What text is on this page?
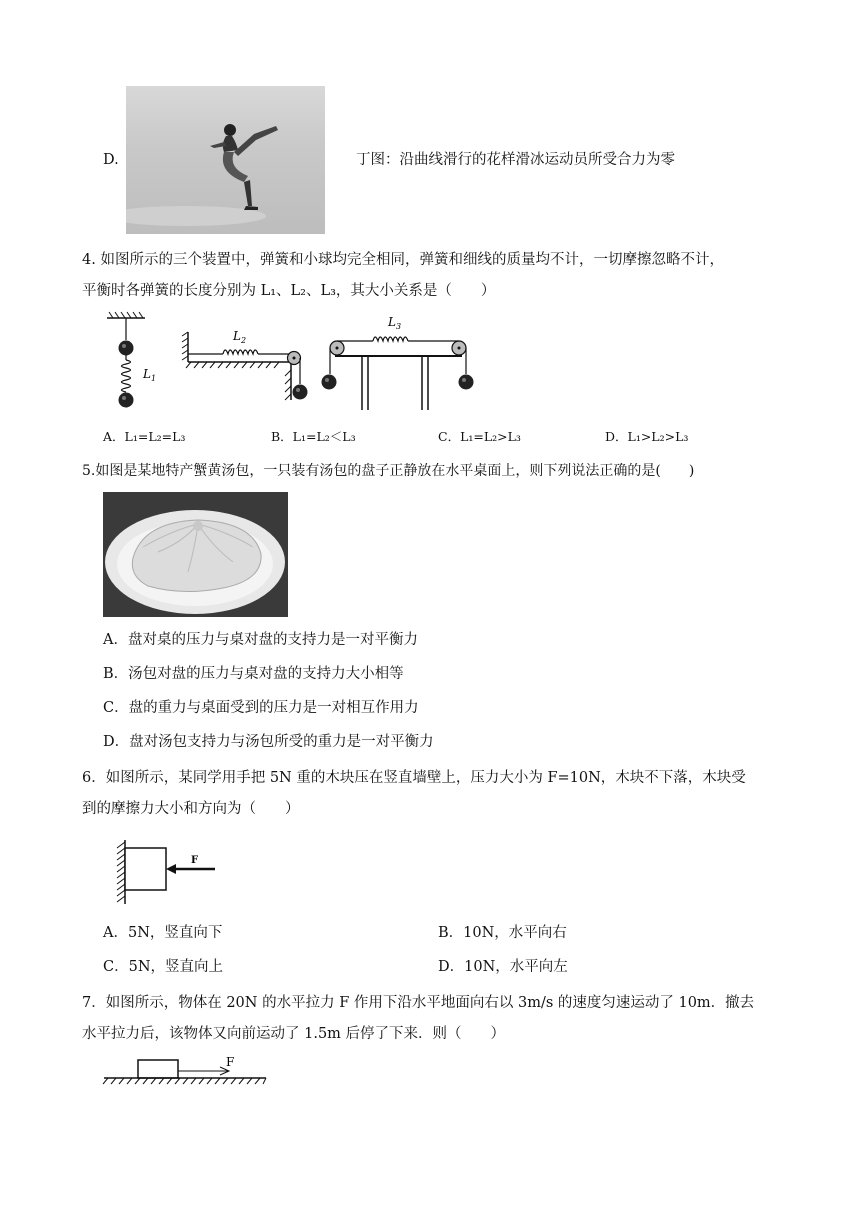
D.	丁图：沿曲线滑行的花样滑冰运动员所受合力为零
4. 如图所示的三个装置中，弹簧和小球均完全相同，弹簧和细线的质量均不计，一切摩擦忽略不计，
平衡时各弹簧的长度分别为 L₁、L₂、L₃，其大小关系是（　　）
$L_1$
$L_2$
$L_3$
A．L₁=L₂=L₃	B．L₁=L₂＜L₃	C．L₁=L₂>L₃	D．L₁>L₂>L₃
5.如图是某地特产蟹黄汤包，一只装有汤包的盘子正静放在水平桌面上，则下列说法正确的是(　　)
A．盘对桌的压力与桌对盘的支持力是一对平衡力
B．汤包对盘的压力与桌对盘的支持力大小相等
C．盘的重力与桌面受到的压力是一对相互作用力
D．盘对汤包支持力与汤包所受的重力是一对平衡力
6．如图所示，某同学用手把 5N 重的木块压在竖直墙壁上，压力大小为 F=10N，木块不下落，木块受
到的摩擦力大小和方向为（　　）
F
A．5N，竖直向下	B．10N，水平向右
C．5N，竖直向上	D．10N，水平向左
7．如图所示，物体在 20N 的水平拉力 F 作用下沿水平地面向右以 3m/s 的速度匀速运动了 10m．撤去
水平拉力后，该物体又向前运动了 1.5m 后停了下来．则（　　）
F
